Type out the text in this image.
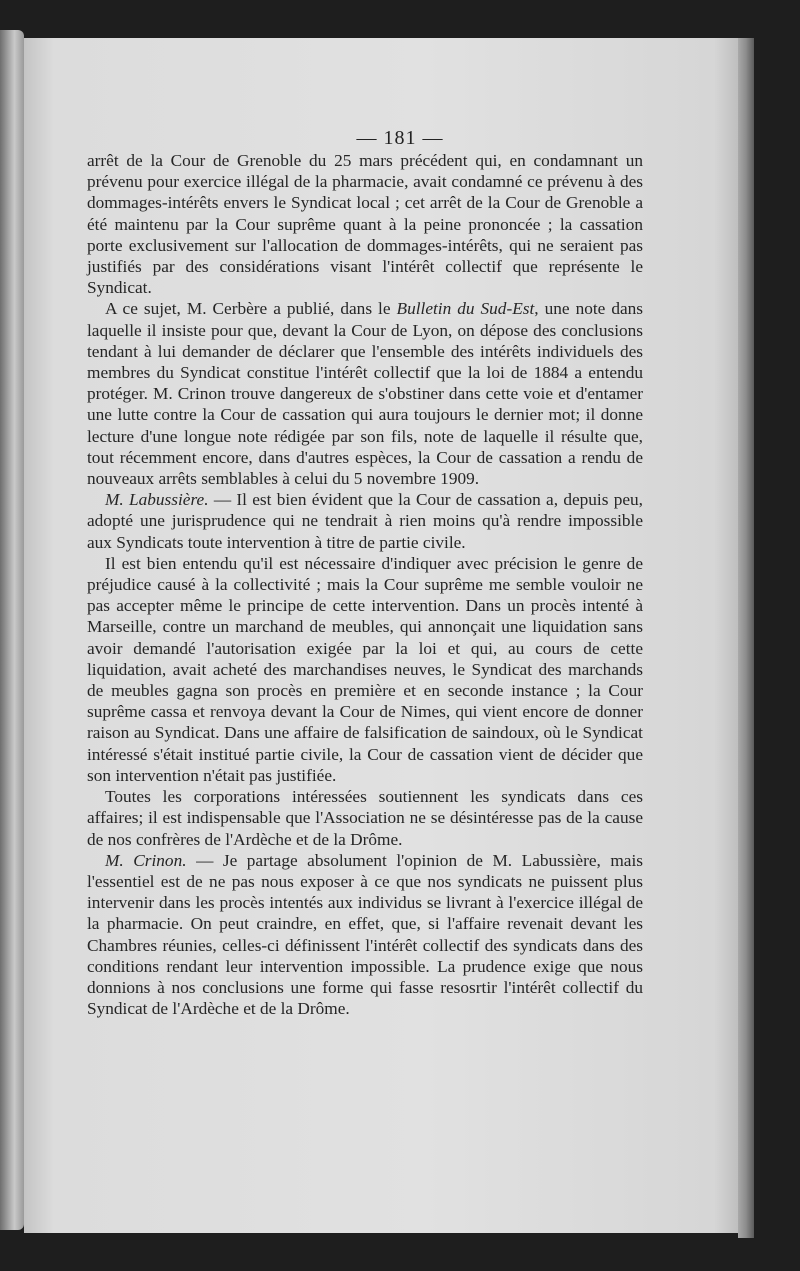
— 181 —

arrêt de la Cour de Grenoble du 25 mars précédent qui, en condamnant un prévenu pour exercice illégal de la pharmacie, avait condamné ce prévenu à des dommages-intérêts envers le Syndicat local ; cet arrêt de la Cour de Grenoble a été maintenu par la Cour suprême quant à la peine prononcée ; la cassation porte exclusivement sur l'allocation de dommages-intérêts, qui ne seraient pas justifiés par des considérations visant l'intérêt collectif que représente le Syndicat.

A ce sujet, M. Cerbère a publié, dans le Bulletin du Sud-Est, une note dans laquelle il insiste pour que, devant la Cour de Lyon, on dépose des conclusions tendant à lui demander de déclarer que l'ensemble des intérêts individuels des membres du Syndicat constitue l'intérêt collectif que la loi de 1884 a entendu protéger. M. Crinon trouve dangereux de s'obstiner dans cette voie et d'entamer une lutte contre la Cour de cassation qui aura toujours le dernier mot; il donne lecture d'une longue note rédigée par son fils, note de laquelle il résulte que, tout récemment encore, dans d'autres espèces, la Cour de cassation a rendu de nouveaux arrêts semblables à celui du 5 novembre 1909.

M. Labussière. — Il est bien évident que la Cour de cassation a, depuis peu, adopté une jurisprudence qui ne tendrait à rien moins qu'à rendre impossible aux Syndicats toute intervention à titre de partie civile.

Il est bien entendu qu'il est nécessaire d'indiquer avec précision le genre de préjudice causé à la collectivité ; mais la Cour suprême me semble vouloir ne pas accepter même le principe de cette intervention. Dans un procès intenté à Marseille, contre un marchand de meubles, qui annonçait une liquidation sans avoir demandé l'autorisation exigée par la loi et qui, au cours de cette liquidation, avait acheté des marchandises neuves, le Syndicat des marchands de meubles gagna son procès en première et en seconde instance ; la Cour suprême cassa et renvoya devant la Cour de Nimes, qui vient encore de donner raison au Syndicat. Dans une affaire de falsification de saindoux, où le Syndicat intéressé s'était institué partie civile, la Cour de cassation vient de décider que son intervention n'était pas justifiée.

Toutes les corporations intéressées soutiennent les syndicats dans ces affaires; il est indispensable que l'Association ne se désintéresse pas de la cause de nos confrères de l'Ardèche et de la Drôme.

M. Crinon. — Je partage absolument l'opinion de M. Labussière, mais l'essentiel est de ne pas nous exposer à ce que nos syndicats ne puissent plus intervenir dans les procès intentés aux individus se livrant à l'exercice illégal de la pharmacie. On peut craindre, en effet, que, si l'affaire revenait devant les Chambres réunies, celles-ci définissent l'intérêt collectif des syndicats dans des conditions rendant leur intervention impossible. La prudence exige que nous donnions à nos conclusions une forme qui fasse resosrtir l'intérêt collectif du Syndicat de l'Ardèche et de la Drôme.
